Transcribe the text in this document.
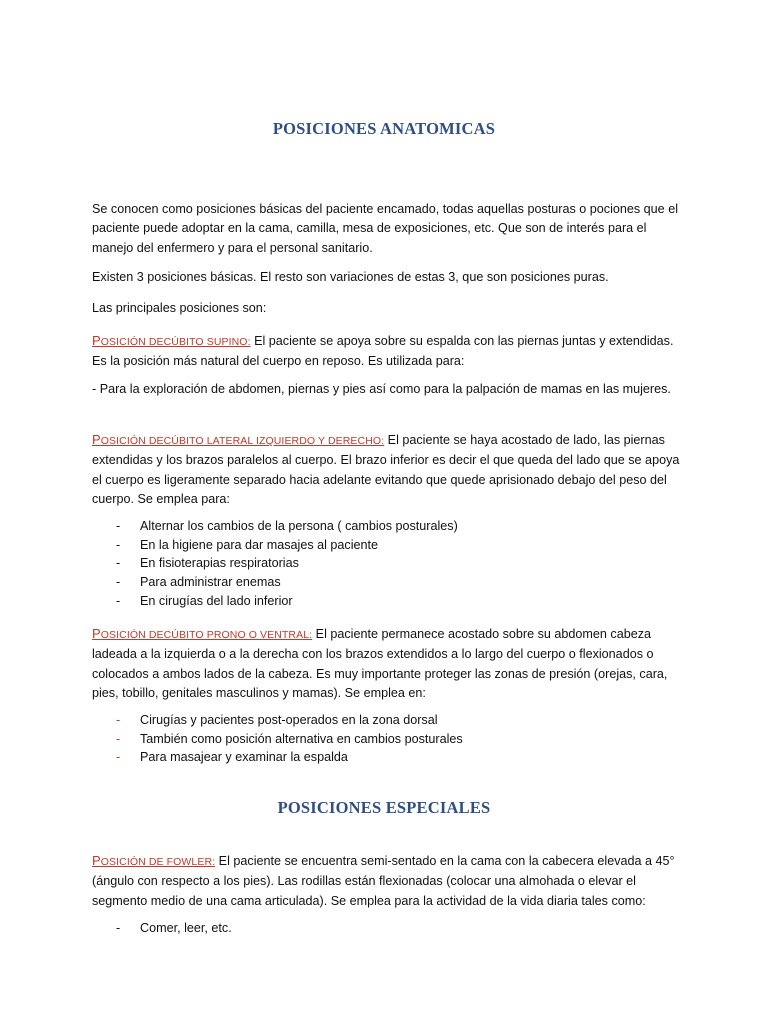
POSICIONES ANATOMICAS

Se conocen como posiciones básicas del paciente encamado, todas aquellas posturas o pociones que el paciente puede adoptar en la cama, camilla, mesa de exposiciones, etc. Que son de interés para el manejo del enfermero y para el personal sanitario.

Existen 3 posiciones básicas. El resto son variaciones de estas 3, que son posiciones puras.

Las principales posiciones son:

POSICIÓN DECÚBITO SUPINO: El paciente se apoya sobre su espalda con las piernas juntas y extendidas. Es la posición más natural del cuerpo en reposo. Es utilizada para:

- Para la exploración de abdomen, piernas y pies así como para la palpación de mamas en las mujeres.

POSICIÓN DECÚBITO LATERAL IZQUIERDO Y DERECHO: El paciente se haya acostado de lado, las piernas extendidas y los brazos paralelos al cuerpo. El brazo inferior es decir el que queda del lado que se apoya el cuerpo es ligeramente separado hacia adelante evitando que quede aprisionado debajo del peso del cuerpo. Se emplea para:

-	Alternar los cambios de la persona ( cambios posturales)
-	En la higiene para dar masajes al paciente
-	En fisioterapias respiratorias
-	Para administrar enemas
-	En cirugías del lado inferior

POSICIÓN DECÚBITO PRONO O VENTRAL: El paciente permanece acostado sobre su abdomen cabeza ladeada a la izquierda o a la derecha con los brazos extendidos a lo largo del cuerpo o flexionados o colocados a ambos lados de la cabeza. Es muy importante proteger las zonas de presión (orejas, cara, pies, tobillo, genitales masculinos y mamas). Se emplea en:

-	Cirugías y pacientes post-operados en la zona dorsal
-	También como posición alternativa en cambios posturales
-	Para masajear y examinar la espalda
POSICIONES ESPECIALES

POSICIÓN DE FOWLER: El paciente se encuentra semi-sentado en la cama con la cabecera elevada a 45° (ángulo con respecto a los pies). Las rodillas están flexionadas (colocar una almohada o elevar el segmento medio de una cama articulada). Se emplea para la actividad de la vida diaria tales como:

-	Comer, leer, etc.
